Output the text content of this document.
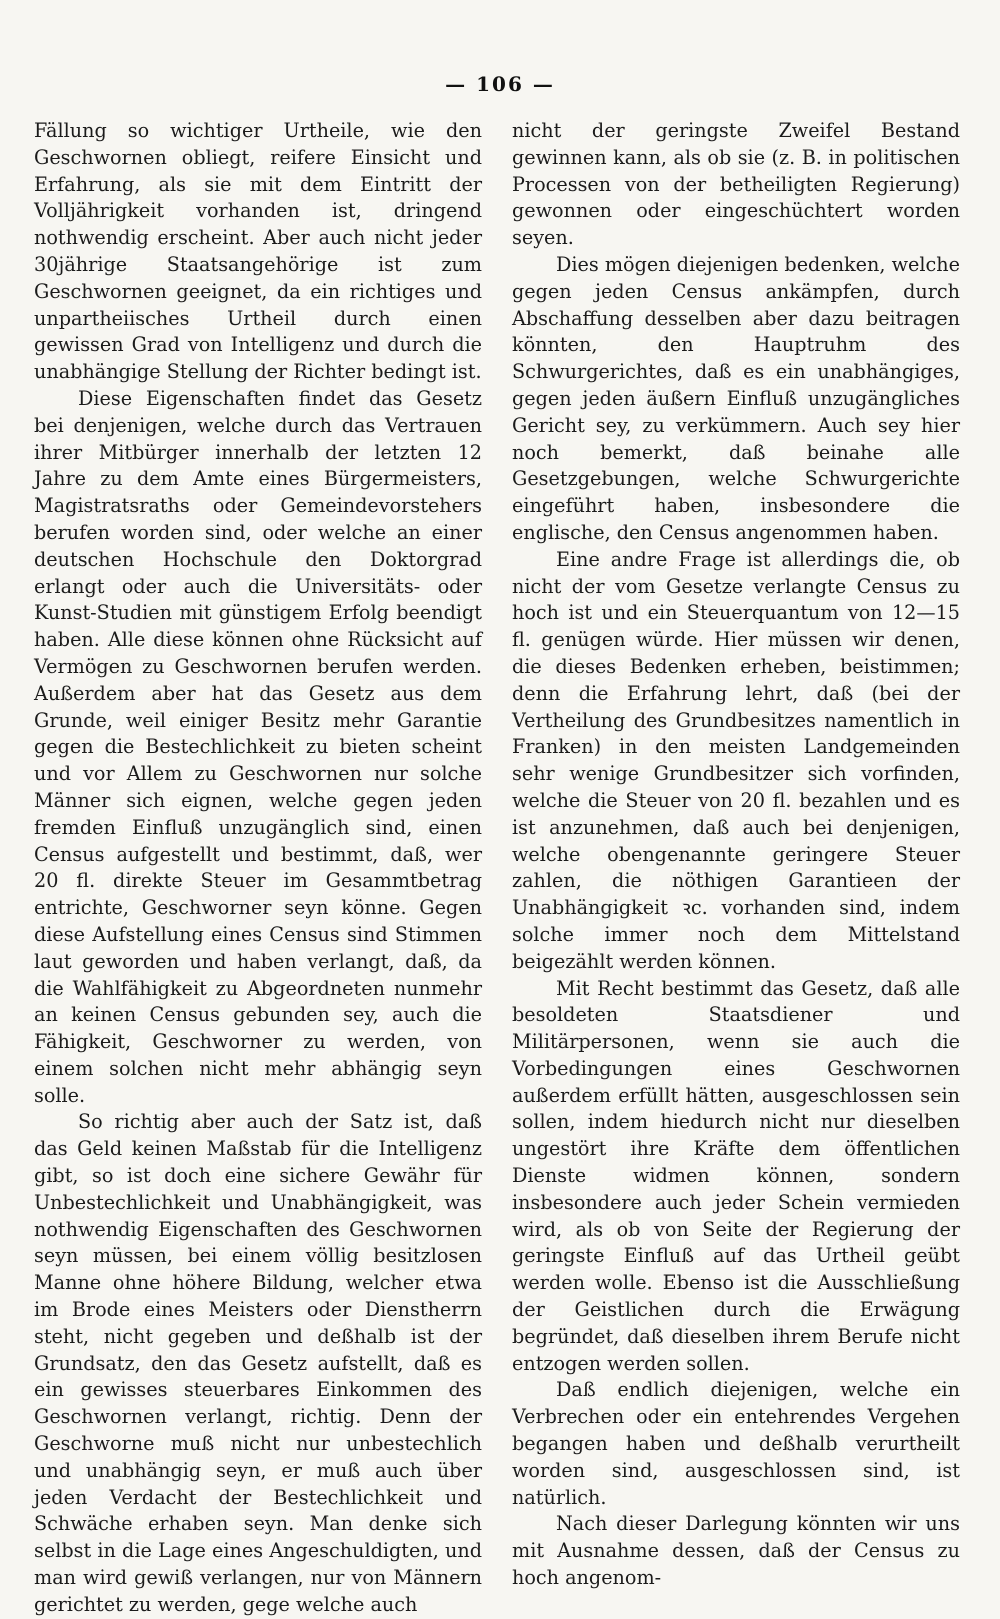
— 106 —

Fällung so wichtiger Urtheile, wie den Geschwornen obliegt, reifere Einsicht und Erfahrung, als sie mit dem Eintritt der Volljährigkeit vorhanden ist, dringend nothwendig erscheint. Aber auch nicht jeder 30jährige Staatsangehörige ist zum Geschwornen geeignet, da ein richtiges und unpartheiisches Urtheil durch einen gewissen Grad von Intelligenz und durch die unabhängige Stellung der Richter bedingt ist.

Diese Eigenschaften findet das Gesetz bei denjenigen, welche durch das Vertrauen ihrer Mitbürger innerhalb der letzten 12 Jahre zu dem Amte eines Bürgermeisters, Magistratsraths oder Gemeindevorstehers berufen worden sind, oder welche an einer deutschen Hochschule den Doktorgrad erlangt oder auch die Universitäts- oder Kunst-Studien mit günstigem Erfolg beendigt haben. Alle diese können ohne Rücksicht auf Vermögen zu Geschwornen berufen werden. Außerdem aber hat das Gesetz aus dem Grunde, weil einiger Besitz mehr Garantie gegen die Bestechlichkeit zu bieten scheint und vor Allem zu Geschwornen nur solche Männer sich eignen, welche gegen jeden fremden Einfluß unzugänglich sind, einen Census aufgestellt und bestimmt, daß, wer 20 fl. direkte Steuer im Gesammtbetrag entrichte, Geschworner seyn könne. Gegen diese Aufstellung eines Census sind Stimmen laut geworden und haben verlangt, daß, da die Wahlfähigkeit zu Abgeordneten nunmehr an keinen Census gebunden sey, auch die Fähigkeit, Geschworner zu werden, von einem solchen nicht mehr abhängig seyn solle.

So richtig aber auch der Satz ist, daß das Geld keinen Maßstab für die Intelligenz gibt, so ist doch eine sichere Gewähr für Unbestechlichkeit und Unabhängigkeit, was nothwendig Eigenschaften des Geschwornen seyn müssen, bei einem völlig besitzlosen Manne ohne höhere Bildung, welcher etwa im Brode eines Meisters oder Dienstherrn steht, nicht gegeben und deßhalb ist der Grundsatz, den das Gesetz aufstellt, daß es ein gewisses steuerbares Einkommen des Geschwornen verlangt, richtig. Denn der Geschworne muß nicht nur unbestechlich und unabhängig seyn, er muß auch über jeden Verdacht der Bestechlichkeit und Schwäche erhaben seyn. Man denke sich selbst in die Lage eines Angeschuldigten, und man wird gewiß verlangen, nur von Männern gerichtet zu werden, gege welche auch

nicht der geringste Zweifel Bestand gewinnen kann, als ob sie (z. B. in politischen Processen von der betheiligten Regierung) gewonnen oder eingeschüchtert worden seyen.

Dies mögen diejenigen bedenken, welche gegen jeden Census ankämpfen, durch Abschaffung desselben aber dazu beitragen könnten, den Hauptruhm des Schwurgerichtes, daß es ein unabhängiges, gegen jeden äußern Einfluß unzugängliches Gericht sey, zu verkümmern. Auch sey hier noch bemerkt, daß beinahe alle Gesetzgebungen, welche Schwurgerichte eingeführt haben, insbesondere die englische, den Census angenommen haben.

Eine andre Frage ist allerdings die, ob nicht der vom Gesetze verlangte Census zu hoch ist und ein Steuerquantum von 12—15 fl. genügen würde. Hier müssen wir denen, die dieses Bedenken erheben, beistimmen; denn die Erfahrung lehrt, daß (bei der Vertheilung des Grundbesitzes namentlich in Franken) in den meisten Landgemeinden sehr wenige Grundbesitzer sich vorfinden, welche die Steuer von 20 fl. bezahlen und es ist anzunehmen, daß auch bei denjenigen, welche obengenannte geringere Steuer zahlen, die nöthigen Garantieen der Unabhängigkeit ꝛc. vorhanden sind, indem solche immer noch dem Mittelstand beigezählt werden können.

Mit Recht bestimmt das Gesetz, daß alle besoldeten Staatsdiener und Militärpersonen, wenn sie auch die Vorbedingungen eines Geschwornen außerdem erfüllt hätten, ausgeschlossen sein sollen, indem hiedurch nicht nur dieselben ungestört ihre Kräfte dem öffentlichen Dienste widmen können, sondern insbesondere auch jeder Schein vermieden wird, als ob von Seite der Regierung der geringste Einfluß auf das Urtheil geübt werden wolle. Ebenso ist die Ausschließung der Geistlichen durch die Erwägung begründet, daß dieselben ihrem Berufe nicht entzogen werden sollen.

Daß endlich diejenigen, welche ein Verbrechen oder ein entehrendes Vergehen begangen haben und deßhalb verurtheilt worden sind, ausgeschlossen sind, ist natürlich.

Nach dieser Darlegung könnten wir uns mit Ausnahme dessen, daß der Census zu hoch angenom-
